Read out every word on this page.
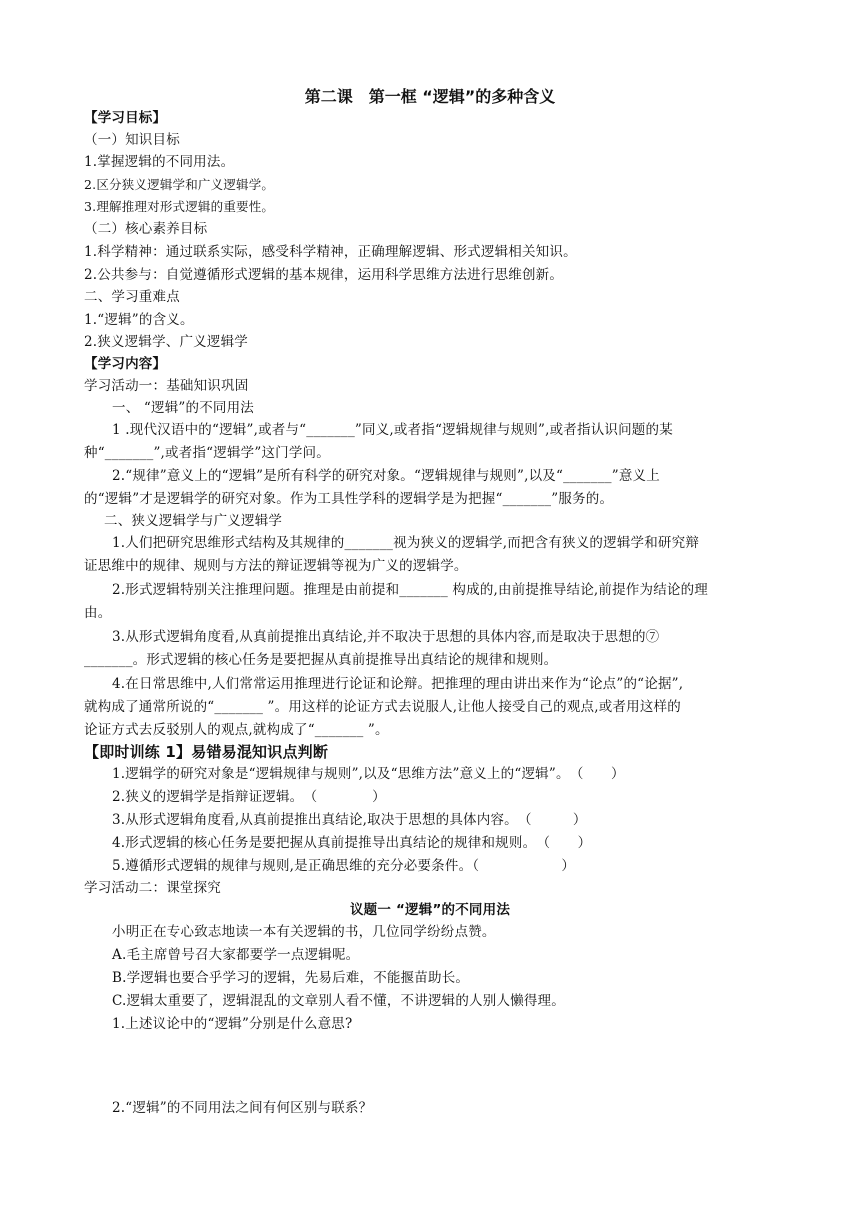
第二课　第一框 “逻辑”的多种含义
【学习目标】
（一）知识目标
1.掌握逻辑的不同用法。
2.区分狭义逻辑学和广义逻辑学。
3.理解推理对形式逻辑的重要性。
（二）核心素养目标
1.科学精神：通过联系实际，感受科学精神，正确理解逻辑、形式逻辑相关知识。
2.公共参与：自觉遵循形式逻辑的基本规律，运用科学思维方法进行思维创新。
二、学习重难点
1.“逻辑”的含义。
2.狭义逻辑学、广义逻辑学
【学习内容】
学习活动一：基础知识巩固
一、 “逻辑”的不同用法
1 .现代汉语中的“逻辑”,或者与“_______”同义,或者指“逻辑规律与规则”,或者指认识问题的某
种“_______”,或者指“逻辑学”这门学问。
2.“规律”意义上的“逻辑”是所有科学的研究对象。“逻辑规律与规则”,以及“_______”意义上
的“逻辑”才是逻辑学的研究对象。作为工具性学科的逻辑学是为把握“_______”服务的。
二、狭义逻辑学与广义逻辑学
1.人们把研究思维形式结构及其规律的_______视为狭义的逻辑学,而把含有狭义的逻辑学和研究辩
证思维中的规律、规则与方法的辩证逻辑等视为广义的逻辑学。
2.形式逻辑特别关注推理问题。推理是由前提和_______ 构成的,由前提推导结论,前提作为结论的理
由。
3.从形式逻辑角度看,从真前提推出真结论,并不取决于思想的具体内容,而是取决于思想的⑦
_______。形式逻辑的核心任务是要把握从真前提推导出真结论的规律和规则。
4.在日常思维中,人们常常运用推理进行论证和论辩。把推理的理由讲出来作为“论点”的“论据”,
就构成了通常所说的“_______ ”。用这样的论证方式去说服人,让他人接受自己的观点,或者用这样的
论证方式去反驳别人的观点,就构成了“_______ ”。
【即时训练 1】易错易混知识点判断
1.逻辑学的研究对象是“逻辑规律与规则”,以及“思维方法”意义上的“逻辑”。　（　　）
2.狭义的逻辑学是指辩证逻辑。　（　　　　）
3.从形式逻辑角度看,从真前提推出真结论,取决于思想的具体内容。　（　　　）
4.形式逻辑的核心任务是要把握从真前提推导出真结论的规律和规则。　（　　）
5.遵循形式逻辑的规律与规则,是正确思维的充分必要条件。（　　　　　　）
学习活动二：课堂探究
议题一 “逻辑”的不同用法
小明正在专心致志地读一本有关逻辑的书，几位同学纷纷点赞。
A.毛主席曾号召大家都要学一点逻辑呢。
B.学逻辑也要合乎学习的逻辑，先易后难，不能揠苗助长。
C.逻辑太重要了，逻辑混乱的文章别人看不懂，不讲逻辑的人别人懒得理。
1.上述议论中的“逻辑”分别是什么意思?
2.“逻辑”的不同用法之间有何区别与联系？
